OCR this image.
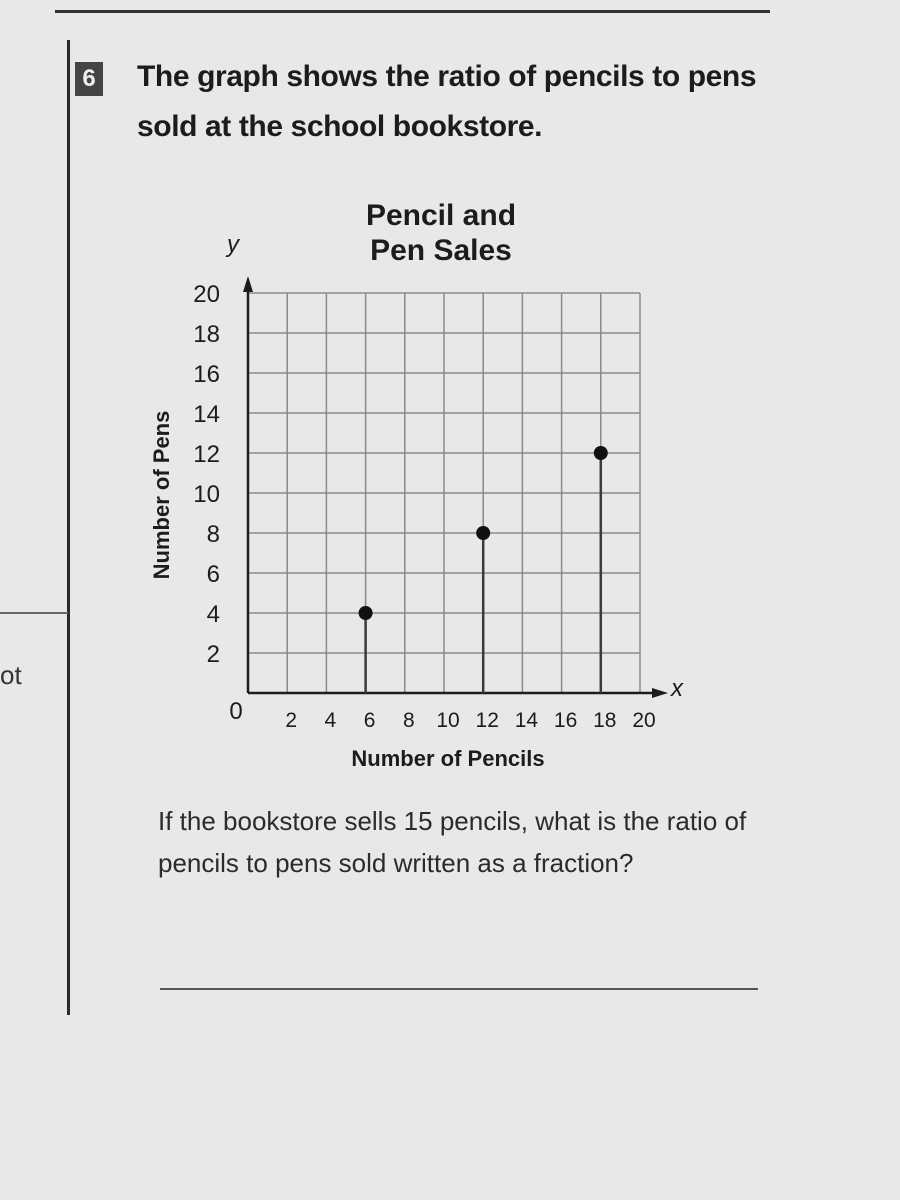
ot
6 The graph shows the ratio of pencils to pens sold at the school bookstore.
Pencil and
Pen Sales
20
18
16
14
12
10
8
6
4
2
2 4 6 8 10 12 14 16 18 20
0
y
x
Number of Pencils
Number of Pens
If the bookstore sells 15 pencils, what is the ratio of pencils to pens sold written as a fraction?
